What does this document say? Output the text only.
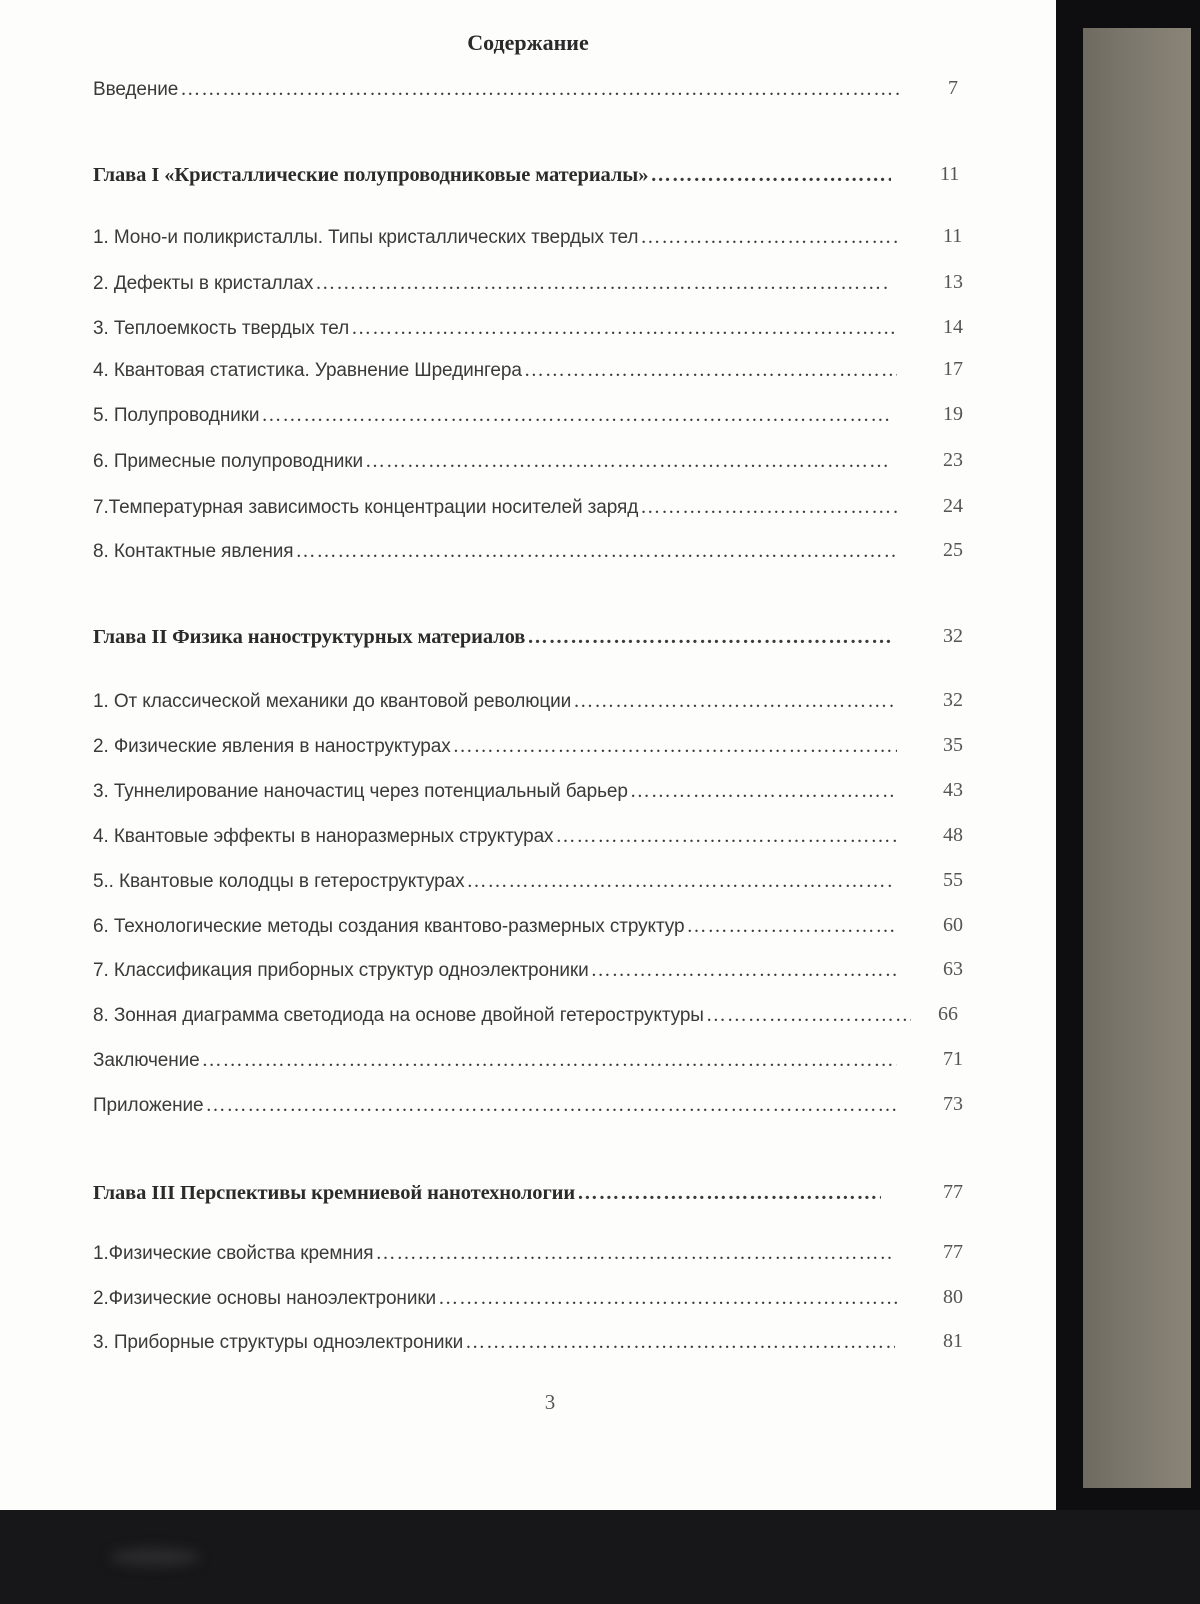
Содержание
Введение ……………………………………………………………………………………………………………………………………………………………………………………	7
Глава I «Кристаллические полупроводниковые материалы» ……………………………………………………………………………………………………………………………………………………………………………………	11
1. Моно-и поликристаллы. Типы кристаллических твердых тел ……………………………………………………………………………………………………………………………………………………………………………………	11
2. Дефекты в кристаллах ……………………………………………………………………………………………………………………………………………………………………………………	13
3. Теплоемкость твердых тел ……………………………………………………………………………………………………………………………………………………………………………………	14
4. Квантовая статистика. Уравнение Шредингера ……………………………………………………………………………………………………………………………………………………………………………………	17
5. Полупроводники ……………………………………………………………………………………………………………………………………………………………………………………	19
6. Примесные полупроводники ……………………………………………………………………………………………………………………………………………………………………………………	23
7.Температурная зависимость концентрации носителей заряд ……………………………………………………………………………………………………………………………………………………………………………………	24
8. Контактные явления ……………………………………………………………………………………………………………………………………………………………………………………	25
Глава II Физика наноструктурных материалов ……………………………………………………………………………………………………………………………………………………………………………………	32
1. От классической механики до квантовой революции ……………………………………………………………………………………………………………………………………………………………………………………	32
2. Физические явления в наноструктурах ……………………………………………………………………………………………………………………………………………………………………………………	35
3. Туннелирование наночастиц через потенциальный барьер ……………………………………………………………………………………………………………………………………………………………………………………	43
4. Квантовые эффекты в наноразмерных структурах ……………………………………………………………………………………………………………………………………………………………………………………	48
5.. Квантовые колодцы в гетероструктурах ……………………………………………………………………………………………………………………………………………………………………………………	55
6. Технологические методы создания квантово-размерных структур ……………………………………………………………………………………………………………………………………………………………………………………	60
7. Классификация приборных структур одноэлектроники ……………………………………………………………………………………………………………………………………………………………………………………	63
8. Зонная диаграмма светодиода на основе двойной гетероструктуры ……………………………………………………………………………………………………………………………………………………………………………………	66
Заключение ……………………………………………………………………………………………………………………………………………………………………………………	71
Приложение ……………………………………………………………………………………………………………………………………………………………………………………	73
Глава III Перспективы кремниевой нанотехнологии ……………………………………………………………………………………………………………………………………………………………………………………	77
1.Физические свойства кремния ……………………………………………………………………………………………………………………………………………………………………………………	77
2.Физические основы наноэлектроники ……………………………………………………………………………………………………………………………………………………………………………………	80
3. Приборные структуры одноэлектроники ……………………………………………………………………………………………………………………………………………………………………………………	81
3
